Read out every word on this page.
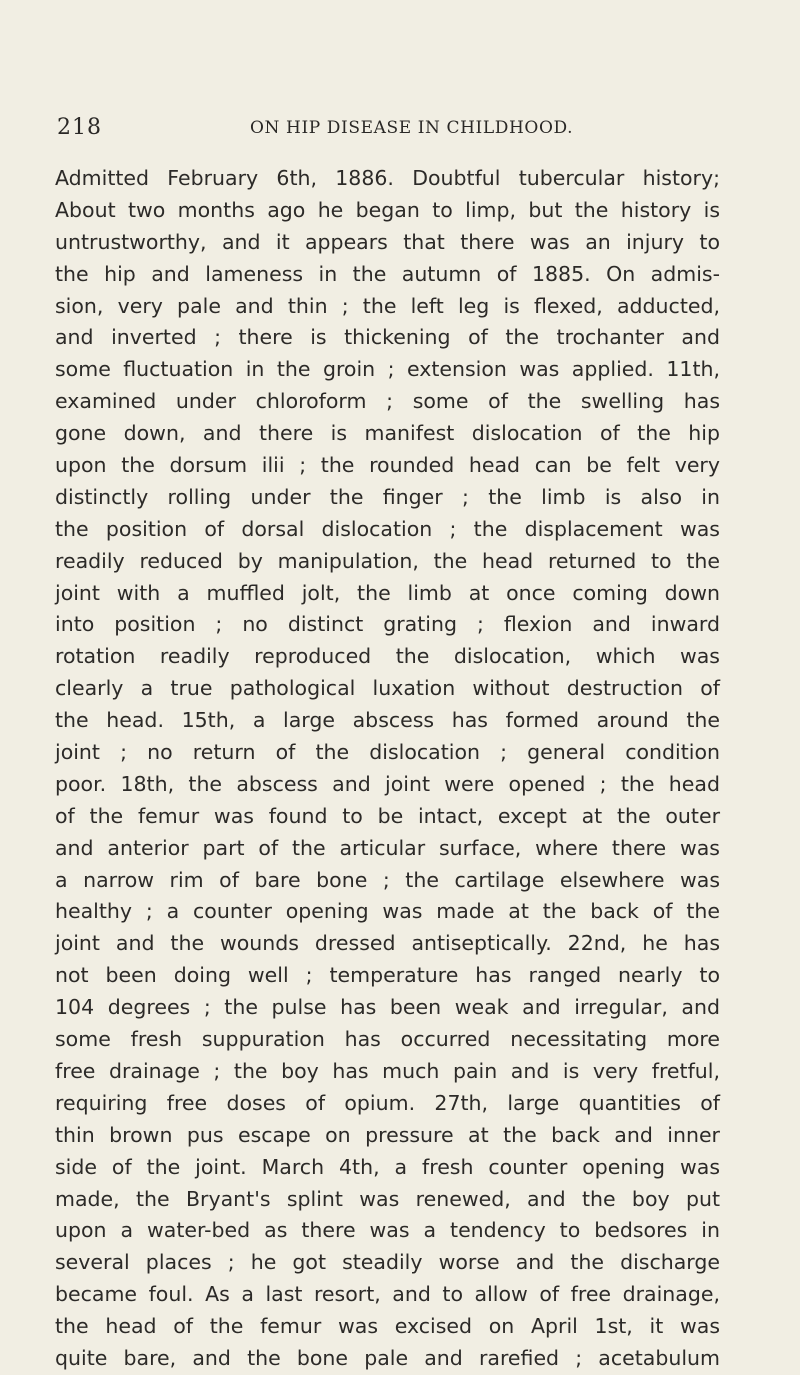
218	ON HIP DISEASE IN CHILDHOOD.
Admitted February 6th, 1886. Doubtful tubercular history;
About two months ago he began to limp, but the history is
untrustworthy, and it appears that there was an injury to
the hip and lameness in the autumn of 1885. On admis-
sion, very pale and thin ; the left leg is flexed, adducted,
and inverted ; there is thickening of the trochanter and
some fluctuation in the groin ; extension was applied. 11th,
examined under chloroform ; some of the swelling has
gone down, and there is manifest dislocation of the hip
upon the dorsum ilii ; the rounded head can be felt very
distinctly rolling under the finger ; the limb is also in
the position of dorsal dislocation ; the displacement was
readily reduced by manipulation, the head returned to the
joint with a muffled jolt, the limb at once coming down
into position ; no distinct grating ; flexion and inward
rotation readily reproduced the dislocation, which was
clearly a true pathological luxation without destruction of
the head. 15th, a large abscess has formed around the
joint ; no return of the dislocation ; general condition
poor. 18th, the abscess and joint were opened ; the head
of the femur was found to be intact, except at the outer
and anterior part of the articular surface, where there was
a narrow rim of bare bone ; the cartilage elsewhere was
healthy ; a counter opening was made at the back of the
joint and the wounds dressed antiseptically. 22nd, he has
not been doing well ; temperature has ranged nearly to
104 degrees ; the pulse has been weak and irregular, and
some fresh suppuration has occurred necessitating more
free drainage ; the boy has much pain and is very fretful,
requiring free doses of opium. 27th, large quantities of
thin brown pus escape on pressure at the back and inner
side of the joint. March 4th, a fresh counter opening was
made, the Bryant's splint was renewed, and the boy put
upon a water-bed as there was a tendency to bedsores in
several places ; he got steadily worse and the discharge
became foul. As a last resort, and to allow of free drainage,
the head of the femur was excised on April 1st, it was
quite bare, and the bone pale and rarefied ; acetabulum
